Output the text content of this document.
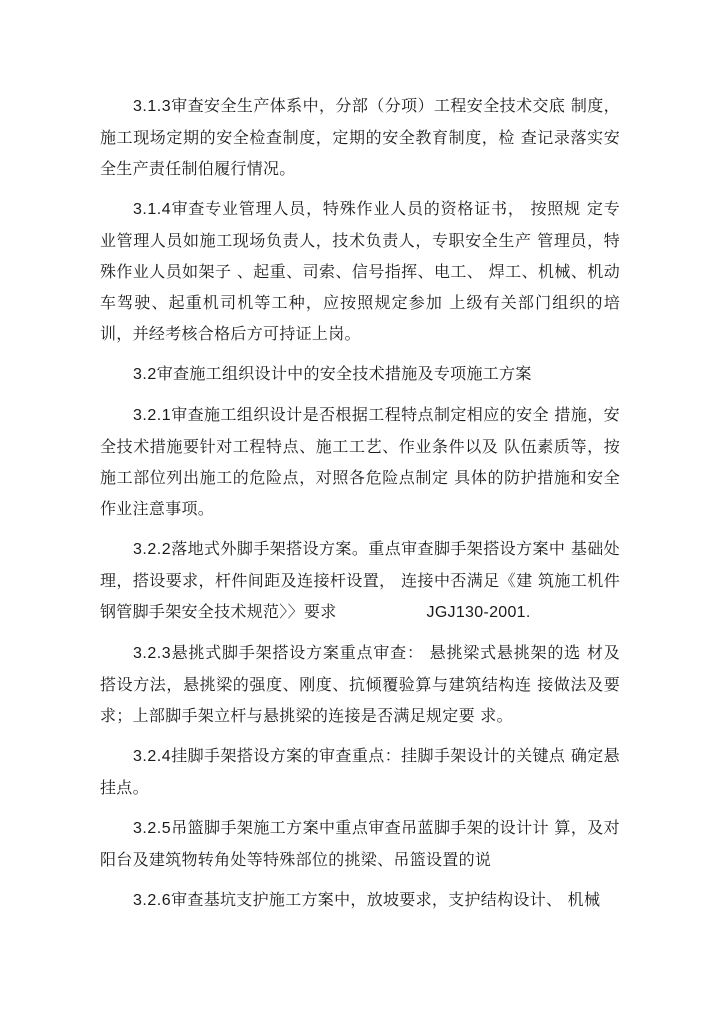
3.1.3审查安全生产体系中，分部（分项）工程安全技术交底 制度，施工现场定期的安全检查制度，定期的安全教育制度，检 查记录落实安全生产责任制伯履行情况。

3.1.4审查专业管理人员，特殊作业人员的资格证书， 按照规 定专业管理人员如施工现场负责人，技术负责人，专职安全生产 管理员，特殊作业人员如架子 、起重、司索、信号指挥、电工、 焊工、机械、机动车驾驶、起重机司机等工种，应按照规定参加 上级有关部门组织的培训，并经考核合格后方可持证上岗。

3.2审查施工组织设计中的安全技术措施及专项施工方案

3.2.1审查施工组织设计是否根据工程特点制定相应的安全 措施，安全技术措施要针对工程特点、施工工艺、作业条件以及 队伍素质等，按施工部位列出施工的危险点，对照各危险点制定 具体的防护措施和安全作业注意事项。

3.2.2落地式外脚手架搭设方案。重点审查脚手架搭设方案中 基础处理，搭设要求，杆件间距及连接杆设置， 连接中否满足《建 筑施工机件钢管脚手架安全技术规范〉〉要求	JGJ130-2001.

3.2.3悬挑式脚手架搭设方案重点审查： 悬挑梁式悬挑架的选 材及搭设方法，悬挑梁的强度、刚度、抗倾覆验算与建筑结构连 接做法及要求；上部脚手架立杆与悬挑梁的连接是否满足规定要 求。

3.2.4挂脚手架搭设方案的审查重点：挂脚手架设计的关键点 确定悬挂点。

3.2.5吊篮脚手架施工方案中重点审查吊蓝脚手架的设计计 算，及对阳台及建筑物转角处等特殊部位的挑梁、吊篮设置的说

3.2.6审查基坑支护施工方案中，放坡要求，支护结构设计、 机械
